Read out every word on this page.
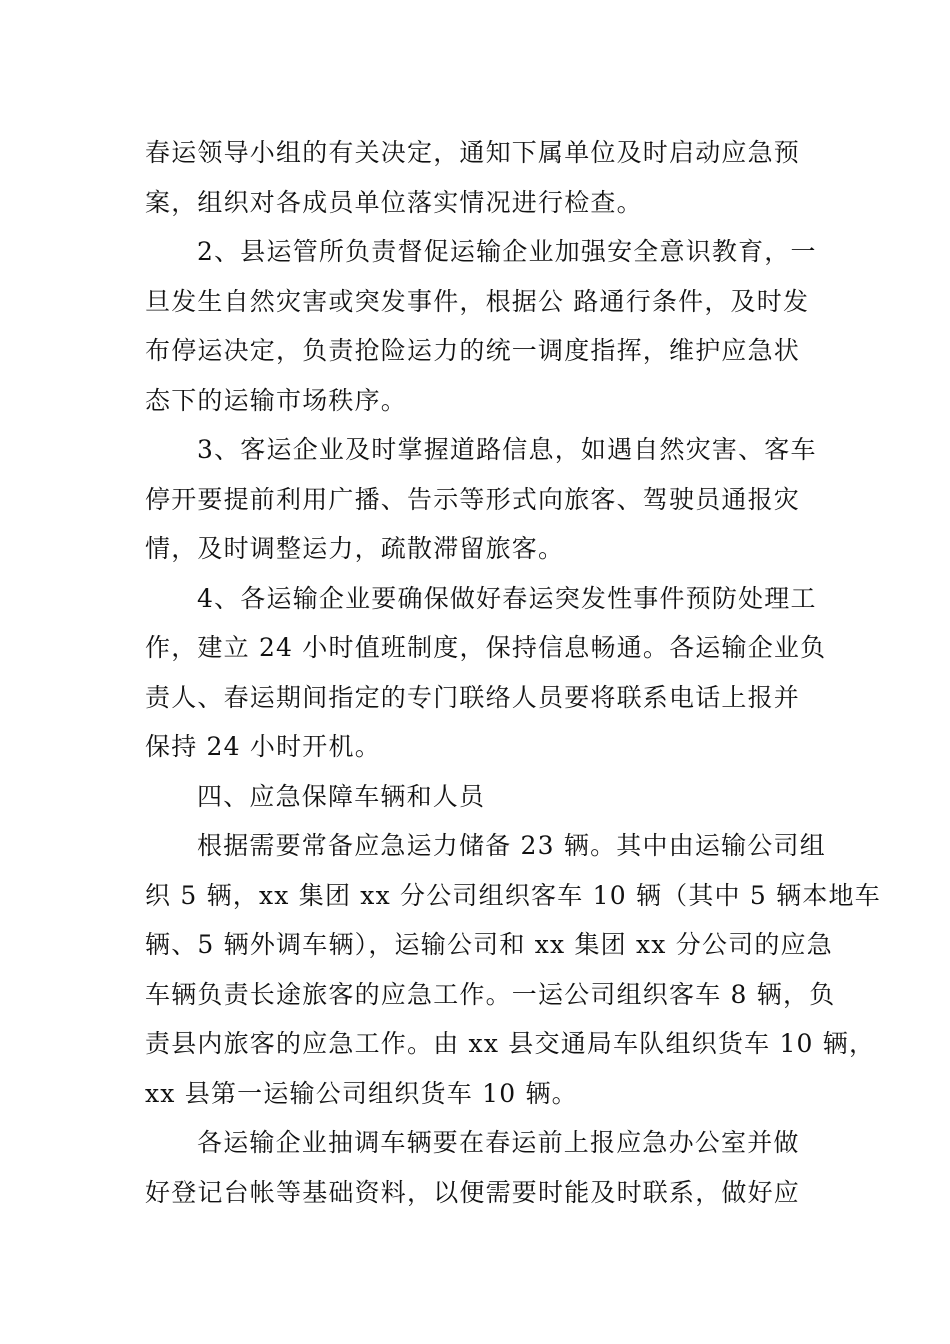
春运领导小组的有关决定，通知下属单位及时启动应急预
案，组织对各成员单位落实情况进行检查。
2、县运管所负责督促运输企业加强安全意识教育，一
旦发生自然灾害或突发事件，根据公 路通行条件，及时发
布停运决定，负责抢险运力的统一调度指挥，维护应急状
态下的运输市场秩序。
3、客运企业及时掌握道路信息，如遇自然灾害、客车
停开要提前利用广播、告示等形式向旅客、驾驶员通报灾
情，及时调整运力，疏散滞留旅客。
4、各运输企业要确保做好春运突发性事件预防处理工
作，建立 24 小时值班制度，保持信息畅通。各运输企业负
责人、春运期间指定的专门联络人员要将联系电话上报并
保持 24 小时开机。
四、应急保障车辆和人员
根据需要常备应急运力储备 23 辆。其中由运输公司组
织 5 辆，xx 集团 xx 分公司组织客车 10 辆（其中 5 辆本地车
辆、5 辆外调车辆），运输公司和 xx 集团 xx 分公司的应急
车辆负责长途旅客的应急工作。一运公司组织客车 8 辆，负
责县内旅客的应急工作。由 xx 县交通局车队组织货车 10 辆，
xx 县第一运输公司组织货车 10 辆。
各运输企业抽调车辆要在春运前上报应急办公室并做
好登记台帐等基础资料，以便需要时能及时联系，做好应
